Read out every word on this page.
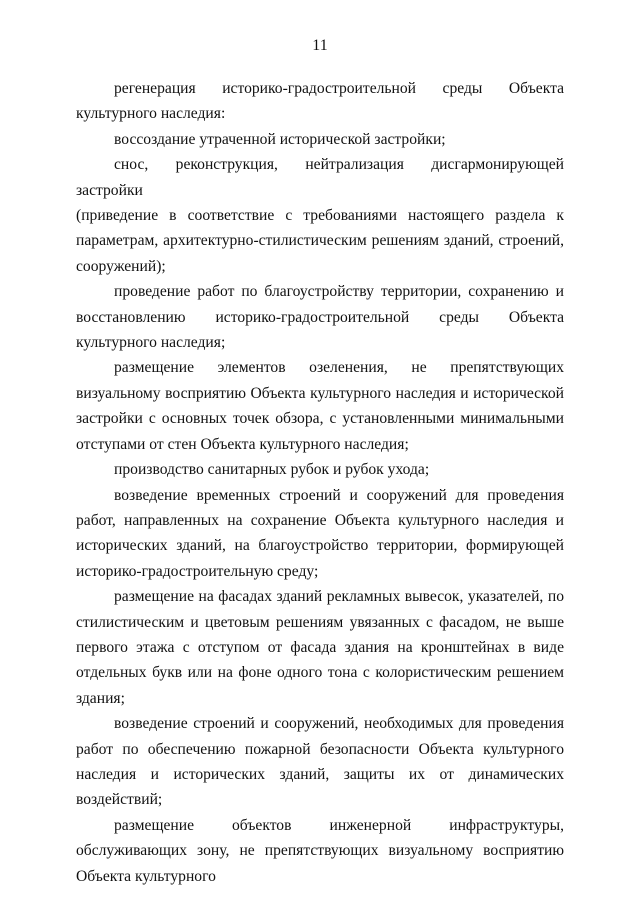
11

регенерация историко-градостроительной среды Объекта культурного наследия:

воссоздание утраченной исторической застройки;

снос, реконструкция, нейтрализация дисгармонирующей застройки

(приведение в соответствие с требованиями настоящего раздела к параметрам, архитектурно-стилистическим решениям зданий, строений, сооружений);

проведение работ по благоустройству территории, сохранению и восстановлению историко-градостроительной среды Объекта культурного наследия;

размещение элементов озеленения, не препятствующих визуальному восприятию Объекта культурного наследия и исторической застройки с основных точек обзора, с установленными минимальными отступами от стен Объекта культурного наследия;

производство санитарных рубок и рубок ухода;

возведение временных строений и сооружений для проведения работ, направленных на сохранение Объекта культурного наследия и исторических зданий, на благоустройство территории, формирующей историко-градостроительную среду;

размещение на фасадах зданий рекламных вывесок, указателей, по стилистическим и цветовым решениям увязанных с фасадом, не выше первого этажа с отступом от фасада здания на кронштейнах в виде отдельных букв или на фоне одного тона с колористическим решением здания;

возведение строений и сооружений, необходимых для проведения работ по обеспечению пожарной безопасности Объекта культурного наследия и исторических зданий, защиты их от динамических воздействий;

размещение объектов инженерной инфраструктуры, обслуживающих зону, не препятствующих визуальному восприятию Объекта культурного
